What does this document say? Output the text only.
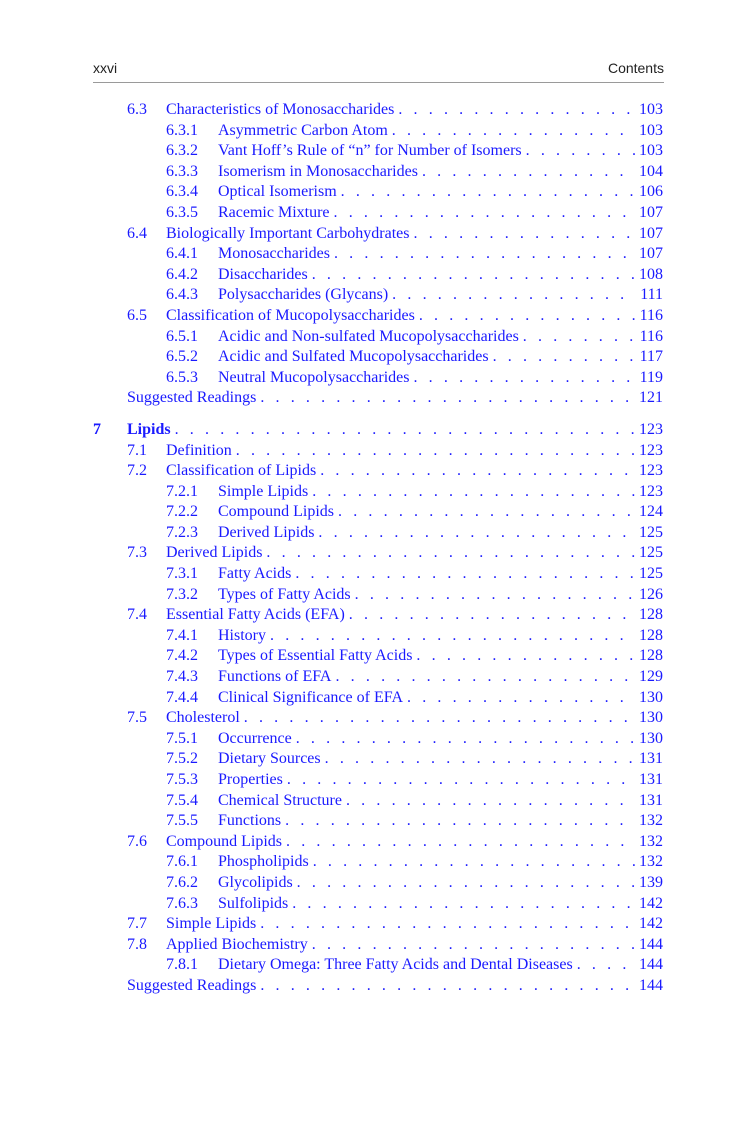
xxvi	Contents
6.3 Characteristics of Monosaccharides . . .	103
6.3.1 Asymmetric Carbon Atom . . .	103
6.3.2 Vant Hoff’s Rule of “n” for Number of Isomers . . .	103
6.3.3 Isomerism in Monosaccharides . . .	104
6.3.4 Optical Isomerism . . .	106
6.3.5 Racemic Mixture . . .	107
6.4 Biologically Important Carbohydrates . . .	107
6.4.1 Monosaccharides . . .	107
6.4.2 Disaccharides . . .	108
6.4.3 Polysaccharides (Glycans) . . .	111
6.5 Classification of Mucopolysaccharides . . .	116
6.5.1 Acidic and Non-sulfated Mucopolysaccharides . . .	116
6.5.2 Acidic and Sulfated Mucopolysaccharides . . .	117
6.5.3 Neutral Mucopolysaccharides . . .	119
Suggested Readings . . .	121
7 Lipids . . .	123
7.1 Definition . . .	123
7.2 Classification of Lipids . . .	123
7.2.1 Simple Lipids . . .	123
7.2.2 Compound Lipids . . .	124
7.2.3 Derived Lipids . . .	125
7.3 Derived Lipids . . .	125
7.3.1 Fatty Acids . . .	125
7.3.2 Types of Fatty Acids . . .	126
7.4 Essential Fatty Acids (EFA) . . .	128
7.4.1 History . . .	128
7.4.2 Types of Essential Fatty Acids . . .	128
7.4.3 Functions of EFA . . .	129
7.4.4 Clinical Significance of EFA . . .	130
7.5 Cholesterol . . .	130
7.5.1 Occurrence . . .	130
7.5.2 Dietary Sources . . .	131
7.5.3 Properties . . .	131
7.5.4 Chemical Structure . . .	131
7.5.5 Functions . . .	132
7.6 Compound Lipids . . .	132
7.6.1 Phospholipids . . .	132
7.6.2 Glycolipids . . .	139
7.6.3 Sulfolipids . . .	142
7.7 Simple Lipids . . .	142
7.8 Applied Biochemistry . . .	144
7.8.1 Dietary Omega: Three Fatty Acids and Dental Diseases . . .	144
Suggested Readings . . .	144
